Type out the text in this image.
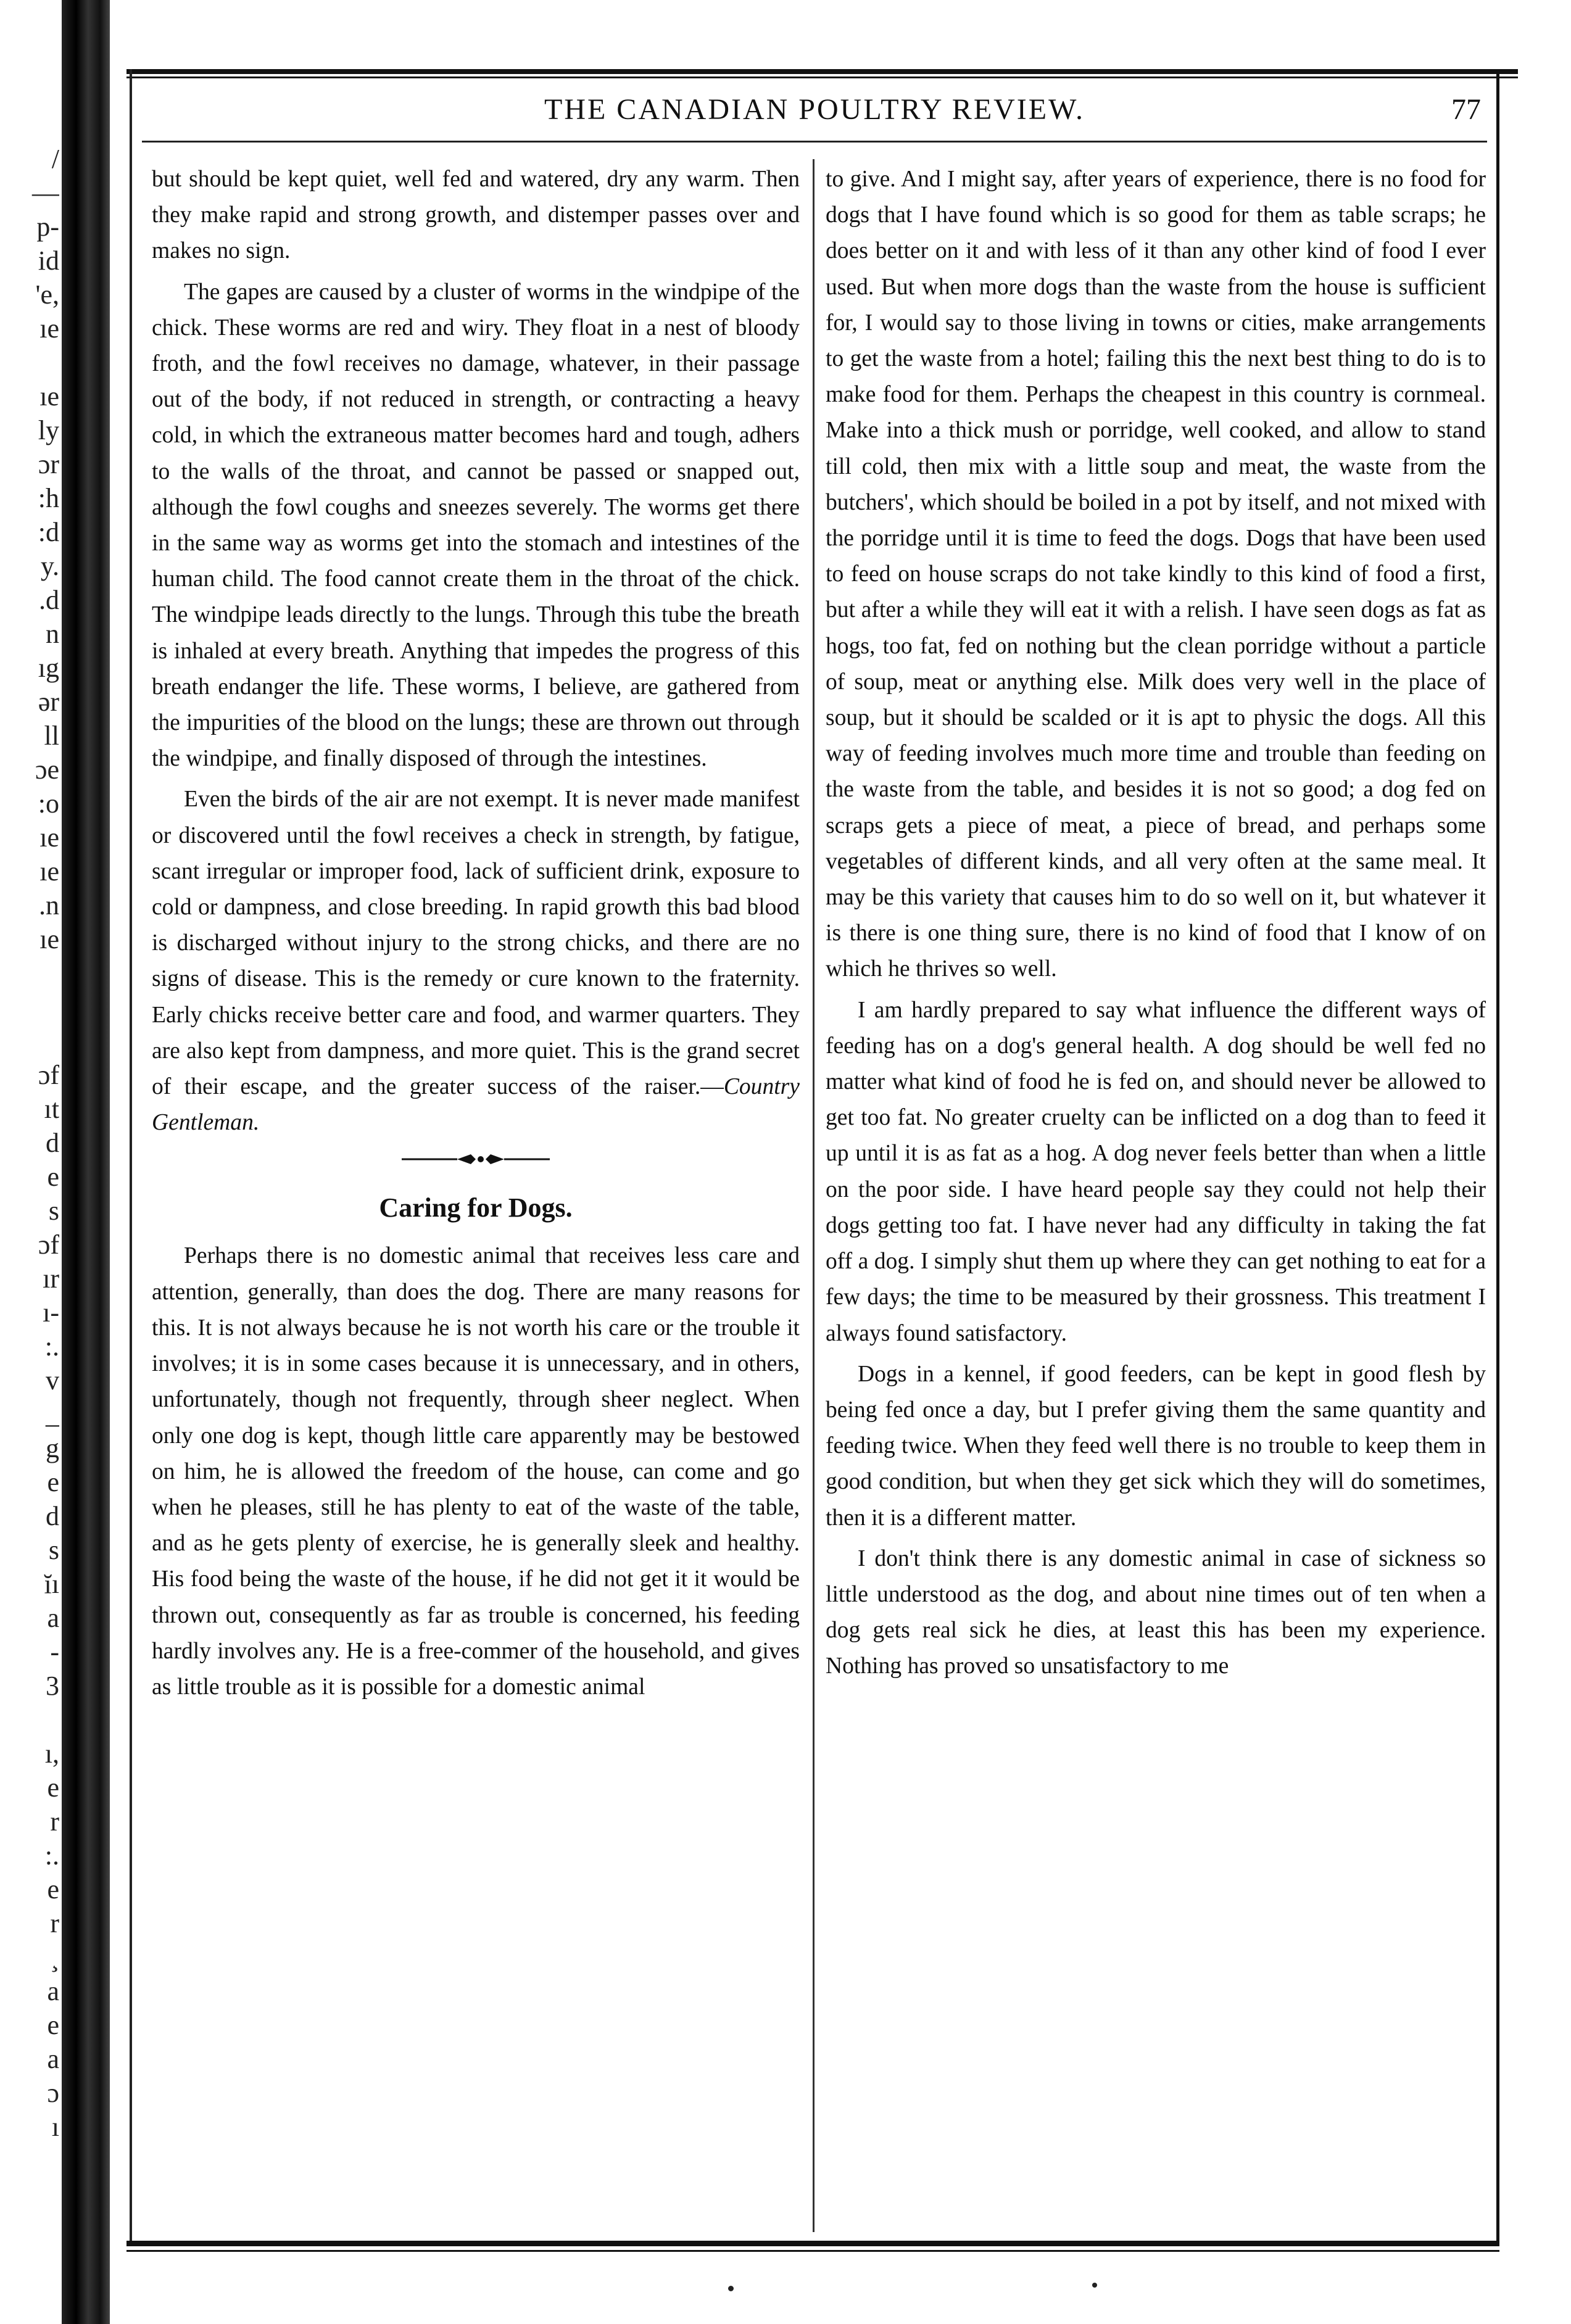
/
—
p-
id
'e,
ıe
ıe
ly
ɔr
:h
:d
y.
.d
n
ıg
ər
ll
ɔe
:o
ıe
ıe
.n
ıe
ɔf
ıt
d
e
s
ɔf
ır
ı-
:.
v
_
g
e
d
s
ĭı
a
-
3
ı,
e
r
:.
e
r
¸
a
e
a
ɔ
ı
THE CANADIAN POULTRY REVIEW.	77

but should be kept quiet, well fed and watered, dry any warm. Then they make rapid and strong growth, and distemper passes over and makes no sign.

The gapes are caused by a cluster of worms in the windpipe of the chick. These worms are red and wiry. They float in a nest of bloody froth, and the fowl receives no damage, whatever, in their passage out of the body, if not reduced in strength, or contracting a heavy cold, in which the extraneous matter becomes hard and tough, adhers to the walls of the throat, and cannot be passed or snapped out, although the fowl coughs and sneezes severely. The worms get there in the same way as worms get into the stomach and intestines of the human child. The food cannot create them in the throat of the chick. The windpipe leads directly to the lungs. Through this tube the breath is inhaled at every breath. Anything that impedes the progress of this breath endanger the life. These worms, I believe, are gathered from the impurities of the blood on the lungs; these are thrown out through the windpipe, and finally disposed of through the intestines.

Even the birds of the air are not exempt. It is never made manifest or discovered until the fowl receives a check in strength, by fatigue, scant irregular or improper food, lack of sufficient drink, exposure to cold or dampness, and close breeding. In rapid growth this bad blood is discharged without injury to the strong chicks, and there are no signs of disease. This is the remedy or cure known to the fraternity. Early chicks receive better care and food, and warmer quarters. They are also kept from dampness, and more quiet. This is the grand secret of their escape, and the greater success of the raiser.—Country Gentleman.

Caring for Dogs.

Perhaps there is no domestic animal that receives less care and attention, generally, than does the dog. There are many reasons for this. It is not always because he is not worth his care or the trouble it involves; it is in some cases because it is unnecessary, and in others, unfortunately, though not frequently, through sheer neglect. When only one dog is kept, though little care apparently may be bestowed on him, he is allowed the freedom of the house, can come and go when he pleases, still he has plenty to eat of the waste of the table, and as he gets plenty of exercise, he is generally sleek and healthy. His food being the waste of the house, if he did not get it it would be thrown out, consequently as far as trouble is concerned, his feeding hardly involves any. He is a free-commer of the household, and gives as little trouble as it is possible for a domestic animal

to give. And I might say, after years of experience, there is no food for dogs that I have found which is so good for them as table scraps; he does better on it and with less of it than any other kind of food I ever used. But when more dogs than the waste from the house is sufficient for, I would say to those living in towns or cities, make arrangements to get the waste from a hotel; failing this the next best thing to do is to make food for them. Perhaps the cheapest in this country is cornmeal. Make into a thick mush or porridge, well cooked, and allow to stand till cold, then mix with a little soup and meat, the waste from the butchers', which should be boiled in a pot by itself, and not mixed with the porridge until it is time to feed the dogs. Dogs that have been used to feed on house scraps do not take kindly to this kind of food a first, but after a while they will eat it with a relish. I have seen dogs as fat as hogs, too fat, fed on nothing but the clean porridge without a particle of soup, meat or anything else. Milk does very well in the place of soup, but it should be scalded or it is apt to physic the dogs. All this way of feeding involves much more time and trouble than feeding on the waste from the table, and besides it is not so good; a dog fed on scraps gets a piece of meat, a piece of bread, and perhaps some vegetables of different kinds, and all very often at the same meal. It may be this variety that causes him to do so well on it, but whatever it is there is one thing sure, there is no kind of food that I know of on which he thrives so well.

I am hardly prepared to say what influence the different ways of feeding has on a dog's general health. A dog should be well fed no matter what kind of food he is fed on, and should never be allowed to get too fat. No greater cruelty can be inflicted on a dog than to feed it up until it is as fat as a hog. A dog never feels better than when a little on the poor side. I have heard people say they could not help their dogs getting too fat. I have never had any difficulty in taking the fat off a dog. I simply shut them up where they can get nothing to eat for a few days; the time to be measured by their grossness. This treatment I always found satisfactory.

Dogs in a kennel, if good feeders, can be kept in good flesh by being fed once a day, but I prefer giving them the same quantity and feeding twice. When they feed well there is no trouble to keep them in good condition, but when they get sick which they will do sometimes, then it is a different matter.

I don't think there is any domestic animal in case of sickness so little understood as the dog, and about nine times out of ten when a dog gets real sick he dies, at least this has been my experience. Nothing has proved so unsatisfactory to me
